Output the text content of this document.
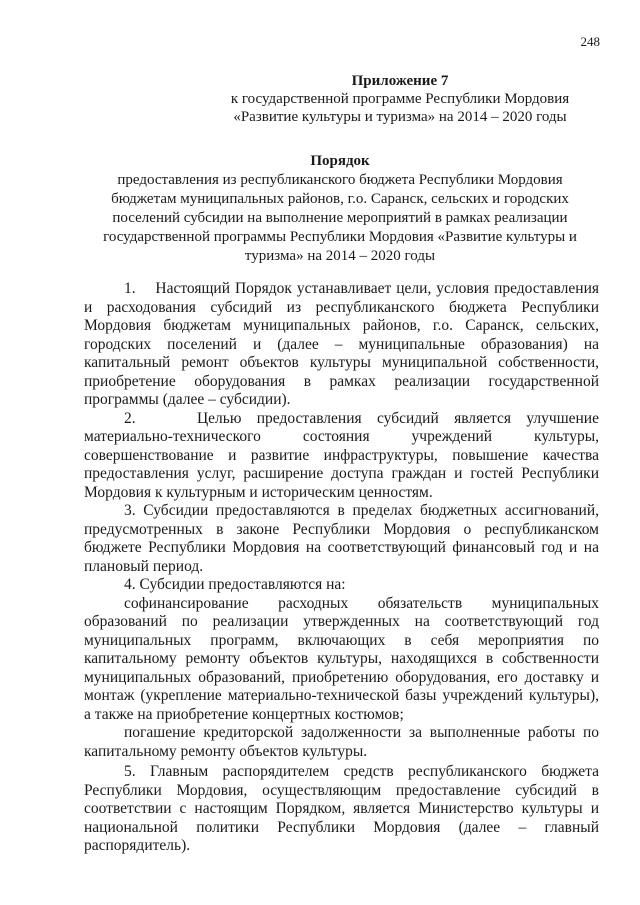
248
Приложение 7
к государственной программе Республики Мордовия
«Развитие культуры и туризма» на 2014 – 2020 годы
Порядок
предоставления из республиканского бюджета Республики Мордовия
бюджетам муниципальных районов, г.о. Саранск, сельских и городских
поселений субсидии на выполнение мероприятий в рамках реализации
государственной программы Республики Мордовия «Развитие культуры и
туризма» на 2014 – 2020 годы

1.    Настоящий Порядок устанавливает цели, условия предоставления и расходования субсидий из республиканского бюджета Республики Мордовия бюджетам муниципальных районов, г.о. Саранск, сельских, городских поселений и (далее – муниципальные образования) на капитальный ремонт объектов культуры муниципальной собственности, приобретение оборудования в рамках реализации государственной программы (далее – субсидии).

2.    Целью предоставления субсидий является улучшение материально-технического состояния учреждений культуры, совершенствование и развитие инфраструктуры, повышение качества предоставления услуг, расширение доступа граждан и гостей Республики Мордовия к культурным и историческим ценностям.

3. Субсидии предоставляются в пределах бюджетных ассигнований, предусмотренных в законе Республики Мордовия о республиканском бюджете Республики Мордовия на соответствующий финансовый год и на плановый период.

4. Субсидии предоставляются на:

софинансирование расходных обязательств муниципальных образований по реализации утвержденных на соответствующий год муниципальных программ, включающих в себя мероприятия по капитальному ремонту объектов культуры, находящихся в собственности муниципальных образований, приобретению оборудования, его доставку и монтаж (укрепление материально-технической базы учреждений культуры), а также на приобретение концертных костюмов;

погашение кредиторской задолженности за выполненные работы по капитальному ремонту объектов культуры.

5. Главным распорядителем средств республиканского бюджета Республики Мордовия, осуществляющим предоставление субсидий в соответствии с настоящим Порядком, является Министерство культуры и национальной политики Республики Мордовия (далее – главный распорядитель).
